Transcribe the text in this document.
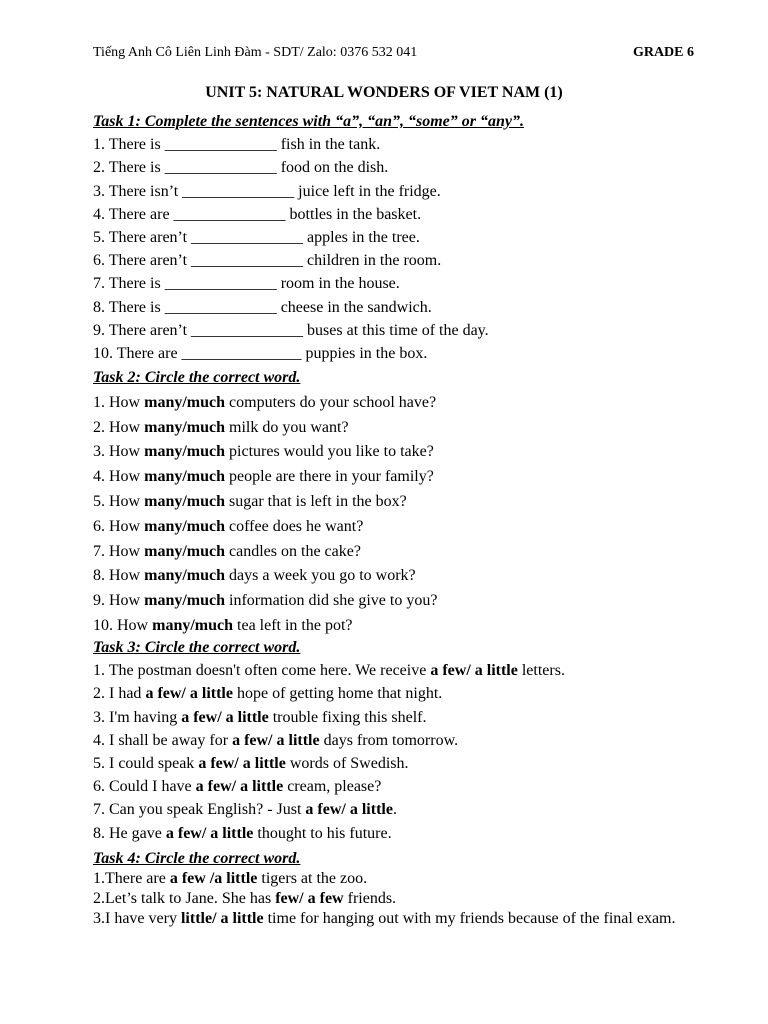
Tiếng Anh Cô Liên Linh Đàm - SDT/ Zalo: 0376 532 041	GRADE 6
UNIT 5: NATURAL WONDERS OF VIET NAM (1)
Task 1: Complete the sentences with “a”, “an”, “some” or “any”.
1. There is ______________ fish in the tank.
2. There is ______________ food on the dish.
3. There isn’t ______________ juice left in the fridge.
4. There are ______________ bottles in the basket.
5. There aren’t ______________ apples in the tree.
6. There aren’t ______________ children in the room.
7. There is ______________ room in the house.
8. There is ______________ cheese in the sandwich.
9. There aren’t ______________ buses at this time of the day.
10. There are _______________ puppies in the box.
Task 2: Circle the correct word.
1. How many/much computers do your school have?
2. How many/much milk do you want?
3. How many/much pictures would you like to take?
4. How many/much people are there in your family?
5. How many/much sugar that is left in the box?
6. How many/much coffee does he want?
7. How many/much candles on the cake?
8. How many/much days a week you go to work?
9. How many/much information did she give to you?
10. How many/much tea left in the pot?
Task 3: Circle the correct word.
1. The postman doesn't often come here. We receive a few/ a little letters.
2. I had a few/ a little hope of getting home that night.
3. I'm having a few/ a little trouble fixing this shelf.
4. I shall be away for a few/ a little days from tomorrow.
5. I could speak a few/ a little words of Swedish.
6. Could I have a few/ a little cream, please?
7. Can you speak English? - Just a few/ a little.
8. He gave a few/ a little thought to his future.
Task 4: Circle the correct word.
1.There are a few /a little tigers at the zoo.
2.Let’s talk to Jane. She has few/ a few friends.
3.I have very little/ a little time for hanging out with my friends because of the final exam.
